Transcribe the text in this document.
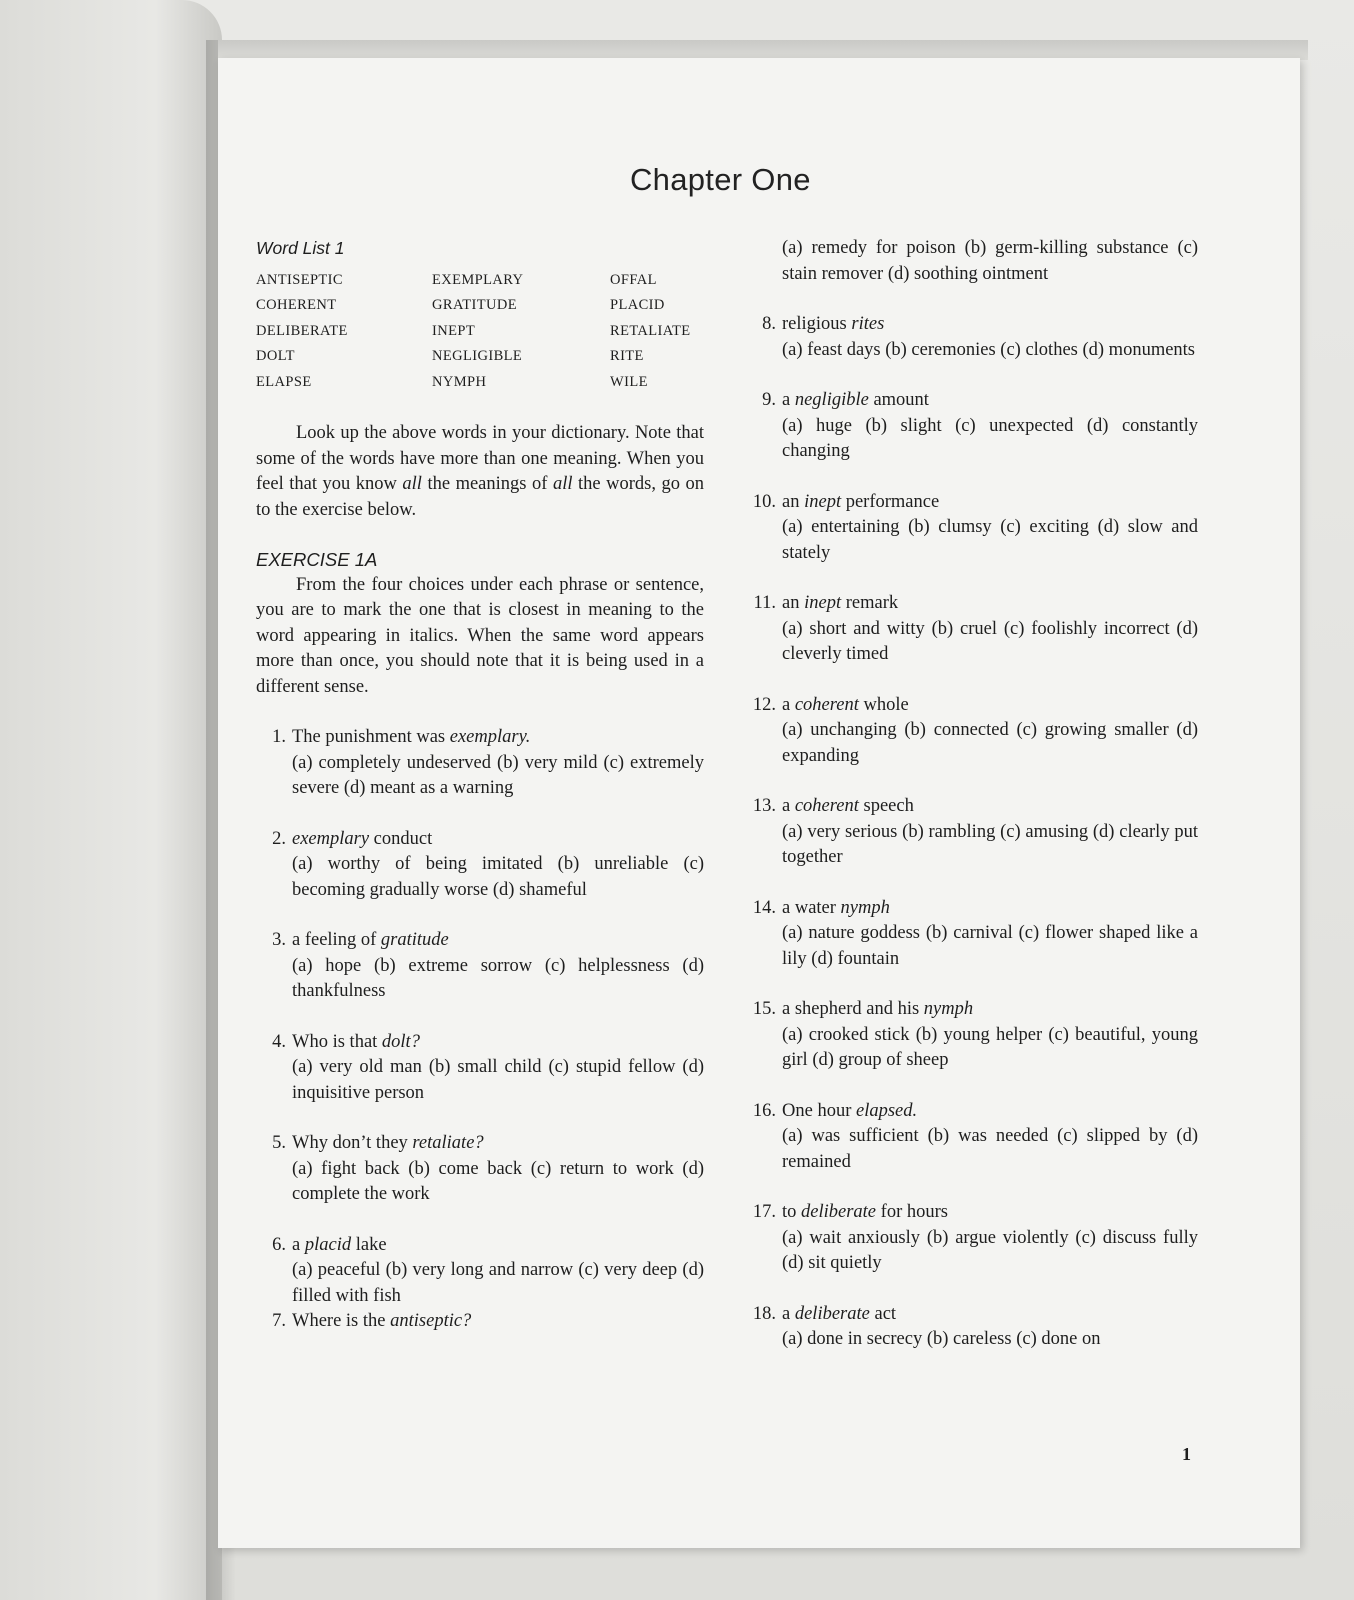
Chapter One
Word List 1
ANTISEPTIC	EXEMPLARY	OFFAL
COHERENT	GRATITUDE	PLACID
DELIBERATE	INEPT	RETALIATE
DOLT	NEGLIGIBLE	RITE
ELAPSE	NYMPH	WILE

Look up the above words in your dictionary. Note that some of the words have more than one meaning. When you feel that you know all the meanings of all the words, go on to the exercise below.

EXERCISE 1A

From the four choices under each phrase or sentence, you are to mark the one that is closest in meaning to the word appearing in italics. When the same word appears more than once, you should note that it is being used in a different sense.

1. The punishment was exemplary.
(a) completely undeserved (b) very mild (c) extremely severe (d) meant as a warning
2. exemplary conduct
(a) worthy of being imitated (b) unreliable (c) becoming gradually worse (d) shameful
3. a feeling of gratitude
(a) hope (b) extreme sorrow (c) helplessness (d) thankfulness
4. Who is that dolt?
(a) very old man (b) small child (c) stupid fellow (d) inquisitive person
5. Why don’t they retaliate?
(a) fight back (b) come back (c) return to work (d) complete the work
6. a placid lake
(a) peaceful (b) very long and narrow (c) very deep (d) filled with fish
7. Where is the antiseptic?
(a) remedy for poison (b) germ-killing substance (c) stain remover (d) soothing ointment
8. religious rites
(a) feast days (b) ceremonies (c) clothes (d) monuments
9. a negligible amount
(a) huge (b) slight (c) unexpected (d) constantly changing
10. an inept performance
(a) entertaining (b) clumsy (c) exciting (d) slow and stately
11. an inept remark
(a) short and witty (b) cruel (c) foolishly incorrect (d) cleverly timed
12. a coherent whole
(a) unchanging (b) connected (c) growing smaller (d) expanding
13. a coherent speech
(a) very serious (b) rambling (c) amusing (d) clearly put together
14. a water nymph
(a) nature goddess (b) carnival (c) flower shaped like a lily (d) fountain
15. a shepherd and his nymph
(a) crooked stick (b) young helper (c) beautiful, young girl (d) group of sheep
16. One hour elapsed.
(a) was sufficient (b) was needed (c) slipped by (d) remained
17. to deliberate for hours
(a) wait anxiously (b) argue violently (c) discuss fully (d) sit quietly
18. a deliberate act
(a) done in secrecy (b) careless (c) done on
1
